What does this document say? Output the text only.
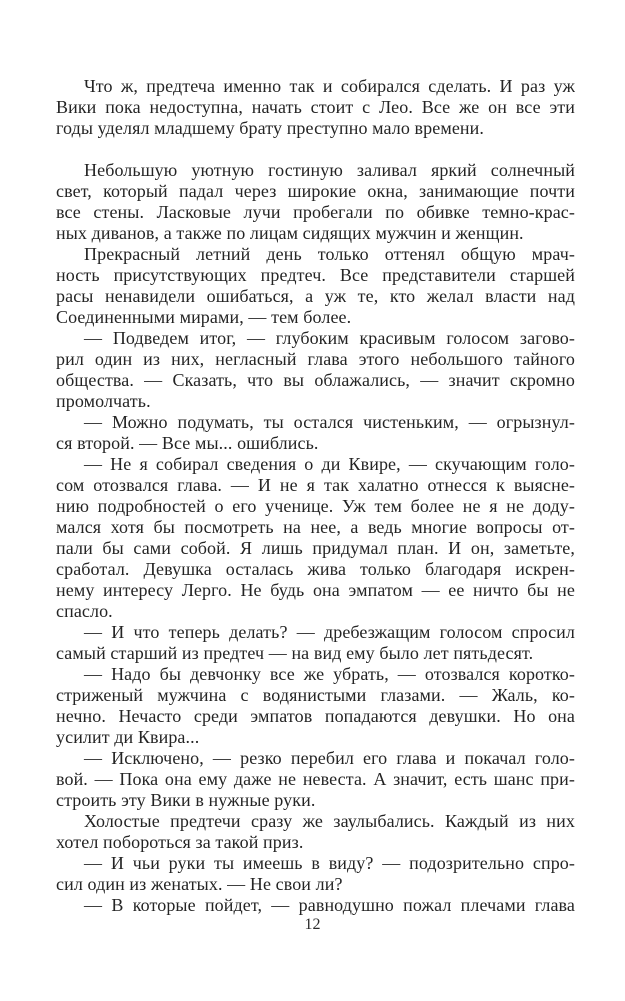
Что ж, предтеча именно так и собирался сделать. И раз уж
Вики пока недоступна, начать стоит с Лео. Все же он все эти
годы уделял младшему брату преступно мало времени.
Небольшую уютную гостиную заливал яркий солнечный
свет, который падал через широкие окна, занимающие почти
все стены. Ласковые лучи пробегали по обивке темно-крас-
ных диванов, а также по лицам сидящих мужчин и женщин.
Прекрасный летний день только оттенял общую мрач-
ность присутствующих предтеч. Все представители старшей
расы ненавидели ошибаться, а уж те, кто желал власти над
Соединенными мирами, — тем более.
— Подведем итог, — глубоким красивым голосом загово-
рил один из них, негласный глава этого небольшого тайного
общества. — Сказать, что вы облажались, — значит скромно
промолчать.
— Можно подумать, ты остался чистеньким, — огрызнул-
ся второй. — Все мы... ошиблись.
— Не я собирал сведения о ди Квире, — скучающим голо-
сом отозвался глава. — И не я так халатно отнесся к выясне-
нию подробностей о его ученице. Уж тем более не я не доду-
мался хотя бы посмотреть на нее, а ведь многие вопросы от-
пали бы сами собой. Я лишь придумал план. И он, заметьте,
сработал. Девушка осталась жива только благодаря искрен-
нему интересу Лерго. Не будь она эмпатом — ее ничто бы не
спасло.
— И что теперь делать? — дребезжащим голосом спросил
самый старший из предтеч — на вид ему было лет пятьдесят.
— Надо бы девчонку все же убрать, — отозвался коротко-
стриженый мужчина с водянистыми глазами. — Жаль, ко-
нечно. Нечасто среди эмпатов попадаются девушки. Но она
усилит ди Квира...
— Исключено, — резко перебил его глава и покачал голо-
вой. — Пока она ему даже не невеста. А значит, есть шанс при-
строить эту Вики в нужные руки.
Холостые предтечи сразу же заулыбались. Каждый из них
хотел побороться за такой приз.
— И чьи руки ты имеешь в виду? — подозрительно спро-
сил один из женатых. — Не свои ли?
— В которые пойдет, — равнодушно пожал плечами глава
12
